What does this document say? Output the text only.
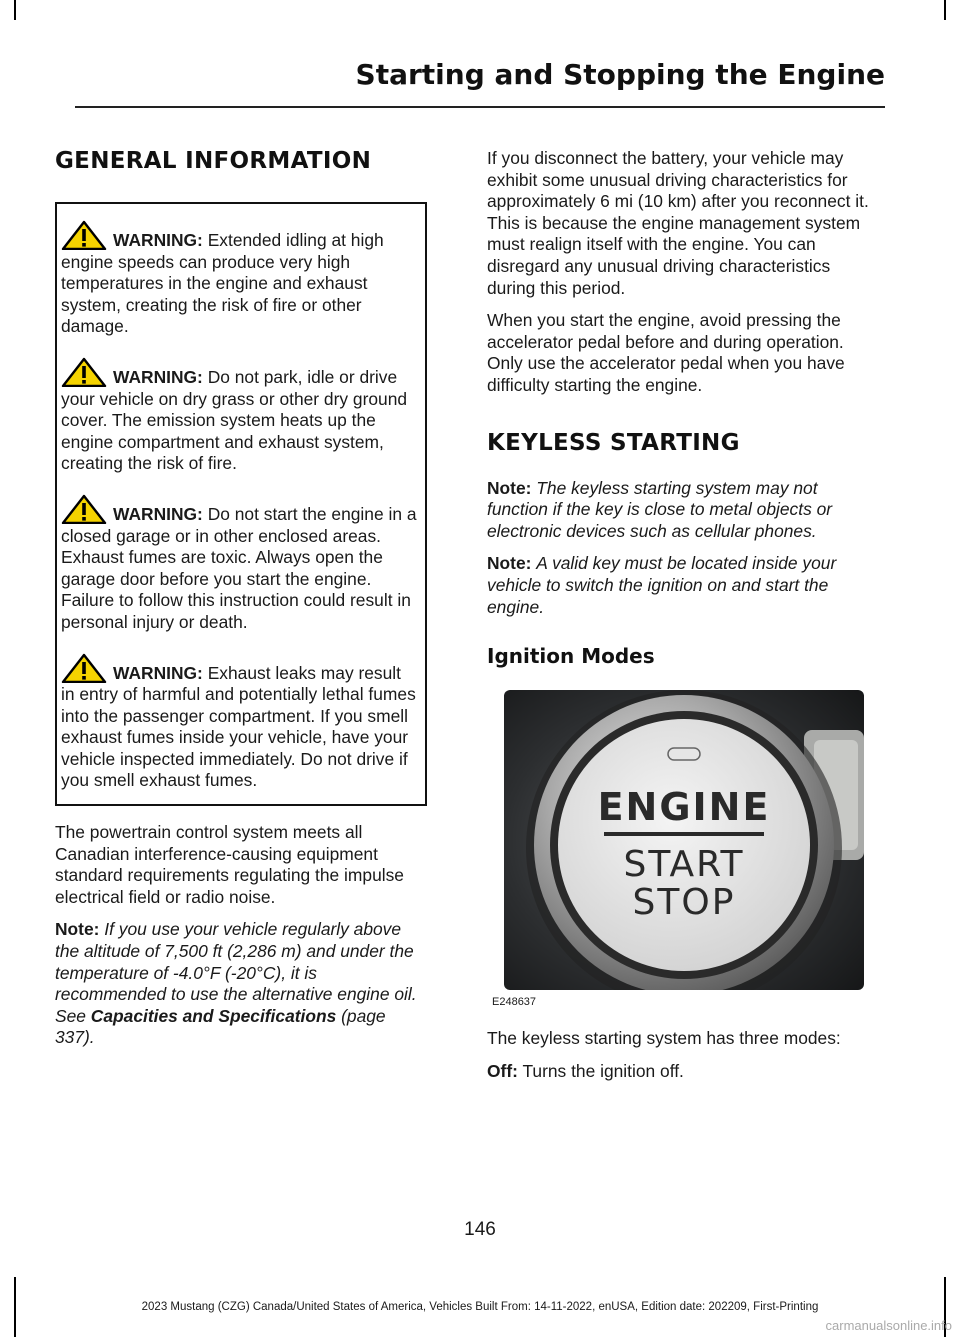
Starting and Stopping the Engine
GENERAL INFORMATION

WARNING: Extended idling at high engine speeds can produce very high temperatures in the engine and exhaust system, creating the risk of fire or other damage.

WARNING: Do not park, idle or drive your vehicle on dry grass or other dry ground cover. The emission system heats up the engine compartment and exhaust system, creating the risk of fire.

WARNING: Do not start the engine in a closed garage or in other enclosed areas. Exhaust fumes are toxic. Always open the garage door before you start the engine. Failure to follow this instruction could result in personal injury or death.

WARNING: Exhaust leaks may result in entry of harmful and potentially lethal fumes into the passenger compartment. If you smell exhaust fumes inside your vehicle, have your vehicle inspected immediately. Do not drive if you smell exhaust fumes.

The powertrain control system meets all Canadian interference-causing equipment standard requirements regulating the impulse electrical field or radio noise.

Note: If you use your vehicle regularly above the altitude of 7,500 ft (2,286 m) and under the temperature of -4.0°F (-20°C), it is recommended to use the alternative engine oil. See Capacities and Specifications (page 337).

If you disconnect the battery, your vehicle may exhibit some unusual driving characteristics for approximately 6 mi (10 km) after you reconnect it. This is because the engine management system must realign itself with the engine. You can disregard any unusual driving characteristics during this period.

When you start the engine, avoid pressing the accelerator pedal before and during operation. Only use the accelerator pedal when you have difficulty starting the engine.

KEYLESS STARTING

Note: The keyless starting system may not function if the key is close to metal objects or electronic devices such as cellular phones.

Note: A valid key must be located inside your vehicle to switch the ignition on and start the engine.

Ignition Modes
ENGINE
START
STOP
E248637

The keyless starting system has three modes:

Off: Turns the ignition off.

146
2023 Mustang (CZG) Canada/United States of America, Vehicles Built From: 14-11-2022, enUSA, Edition date: 202209, First-Printing
carmanualsonline.info
